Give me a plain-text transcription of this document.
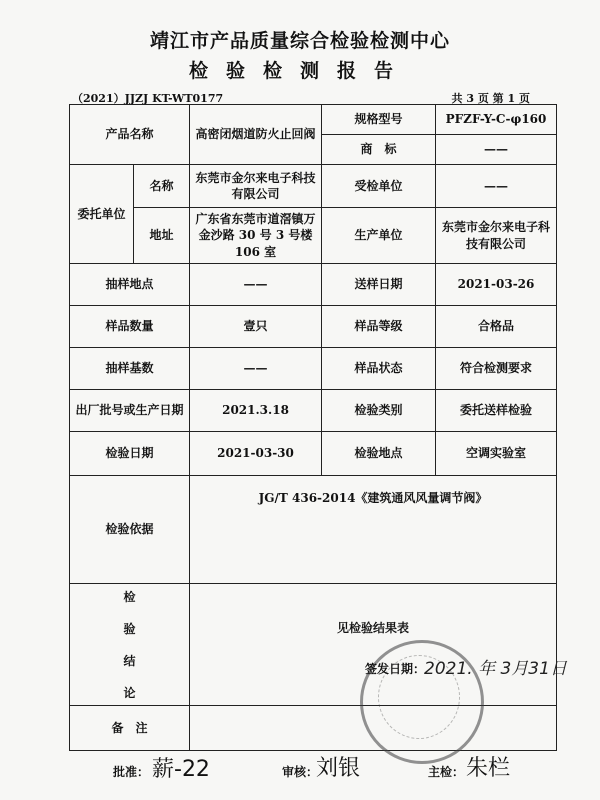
靖江市产品质量综合检验检测中心
检验检测报告
（2021）JJZJ KT-WT0177	共 3 页 第 1 页
产品名称		高密闭烟道防火止回阀	规格型号	PFZF-Y-C-φ160
			商　标	——
委托单位	名称	东莞市金尔来电子科技有限公司	受检单位	——
	地址	广东省东莞市道滘镇万金沙路 30 号 3 号楼 106 室	生产单位	东莞市金尔来电子科技有限公司
抽样地点		——	送样日期	2021-03-26
样品数量		壹只	样品等级	合格品
抽样基数		——	样品状态	符合检测要求
出厂批号或生产日期		2021.3.18	检验类别	委托送样检验
检验日期		2021-03-30	检验地点	空调实验室
检验依据		JG/T 436-2014《建筑通风风量调节阀》		

检
验
结
论		见检验结果表		
备　注				
签发日期：
2021. 年 3月31日
批准： 薪-22	审核：
刘银	主检： 朱栏
